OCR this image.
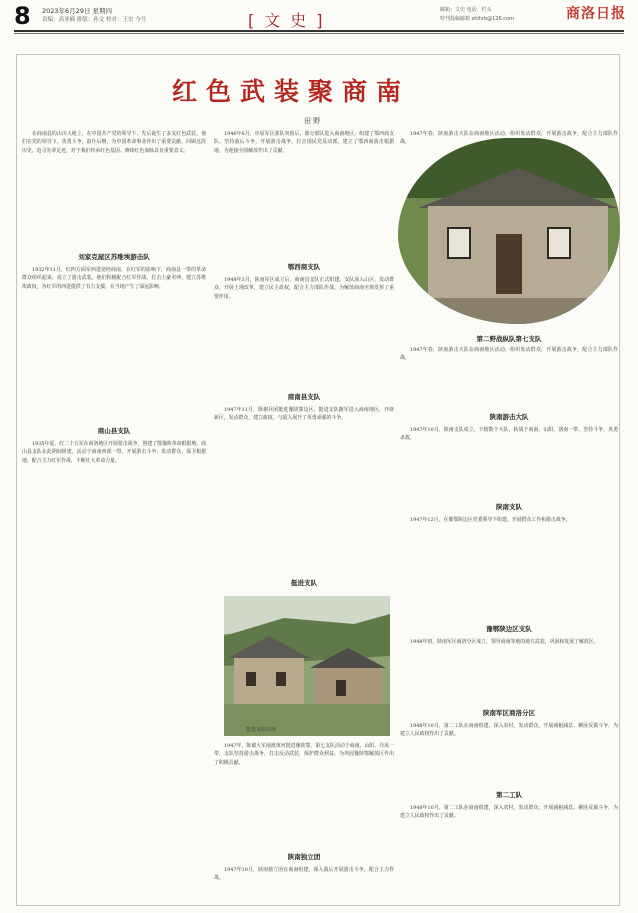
8 2023年6月29日 星期四
责编：高亚楠 排版：孙文 校对：王宏 今号	[文史]
邮箱：文史 电话：栏头
特刊投稿邮箱 shlhrb@126.com	商洛日报
红色武装聚商南
田 野
在商南县的山川大地上，在中国共产党的领导下，先后诞生了多支红色武装。他们在党的领导下，英勇斗争，前仆后继，为中国革命事业作出了重要贡献。回顾这段历史，追寻先辈足迹，对于我们传承红色基因、赓续红色血脉具有重要意义。
刘家克屋区苏维埃游击队
1932年11月，红四方面军西进途经商南，在红军的影响下，商南县一带的革命群众组织起来，成立了游击武装。他们积极配合红军作战，打击土豪劣绅，建立苏维埃政权，为红军的西进提供了有力支援，在当地产生了深远影响。
商山县支队
1935年夏，红二十五军在商洛地区开展游击战争，创建了鄂豫陕革命根据地。商山县支队在此期间组建，活动于商南西部一带，开展游击斗争，发动群众，保卫根据地，配合主力红军作战，不断壮大革命力量。
1946年6月，中原军区部队突围后，部分部队进入商南地区，组建了鄂西商支队，坚持敌后斗争，开展游击战争，打击国民党反动派，建立了鄂西商游击根据地，为迎接全国解放作出了贡献。
鄂西商支队
1948年3月，陕南军区成立后，商南县支队正式组建。支队深入山区，发动群众，开展土地改革，建立民主政权，配合主力部队作战，为解放商南全境发挥了重要作用。
商南县支队
1947年11月，陈谢兵团挺进豫陕鄂边区，挺进支队随军进入商南地区，开辟新区，发动群众，建立政权，与敌人展开了英勇顽强的斗争。
挺进支队
挺进支队旧址
1947年，陈谢大军南渡黄河挺进豫陕鄂，第七支队活动于商南、山阳、丹凤一带，支队坚持游击战争，打击反动武装，保护群众利益，为巩固豫陕鄂解放区作出了积极贡献。
陕南独立团
1947年10月，陕南独立团在商南组建，深入敌后开展游击斗争，配合主力作战。
1947年春，陕南游击大队在商南地区活动，组织发动群众，开展游击战争，配合主力部队作战。
第二野战纵队第七支队
1947年春，陕南游击大队在商南地区活动，组织发动群众，开展游击战争，配合主力部队作战。
陕南游击大队
1947年10月，陕南支队成立，下辖数个大队，转战于商南、山阳、洛南一带，坚持斗争，英勇杀敌。
陕南支队
1947年12月，在豫鄂陕边区党委领导下组建，开展群众工作和游击战争。
豫鄂陕边区支队
1948年初，陕南军区商洛分区成立，领导商南等地的地方武装，巩固和发展了解放区。
陕南军区商洛分区
1948年10月，第二工队在商南组建，深入农村，发动群众，开展减租减息、剿匪反霸斗争，为建立人民政权作出了贡献。
第二工队
1948年10月，第二工队在商南组建，深入农村，发动群众，开展减租减息、剿匪反霸斗争，为建立人民政权作出了贡献。
